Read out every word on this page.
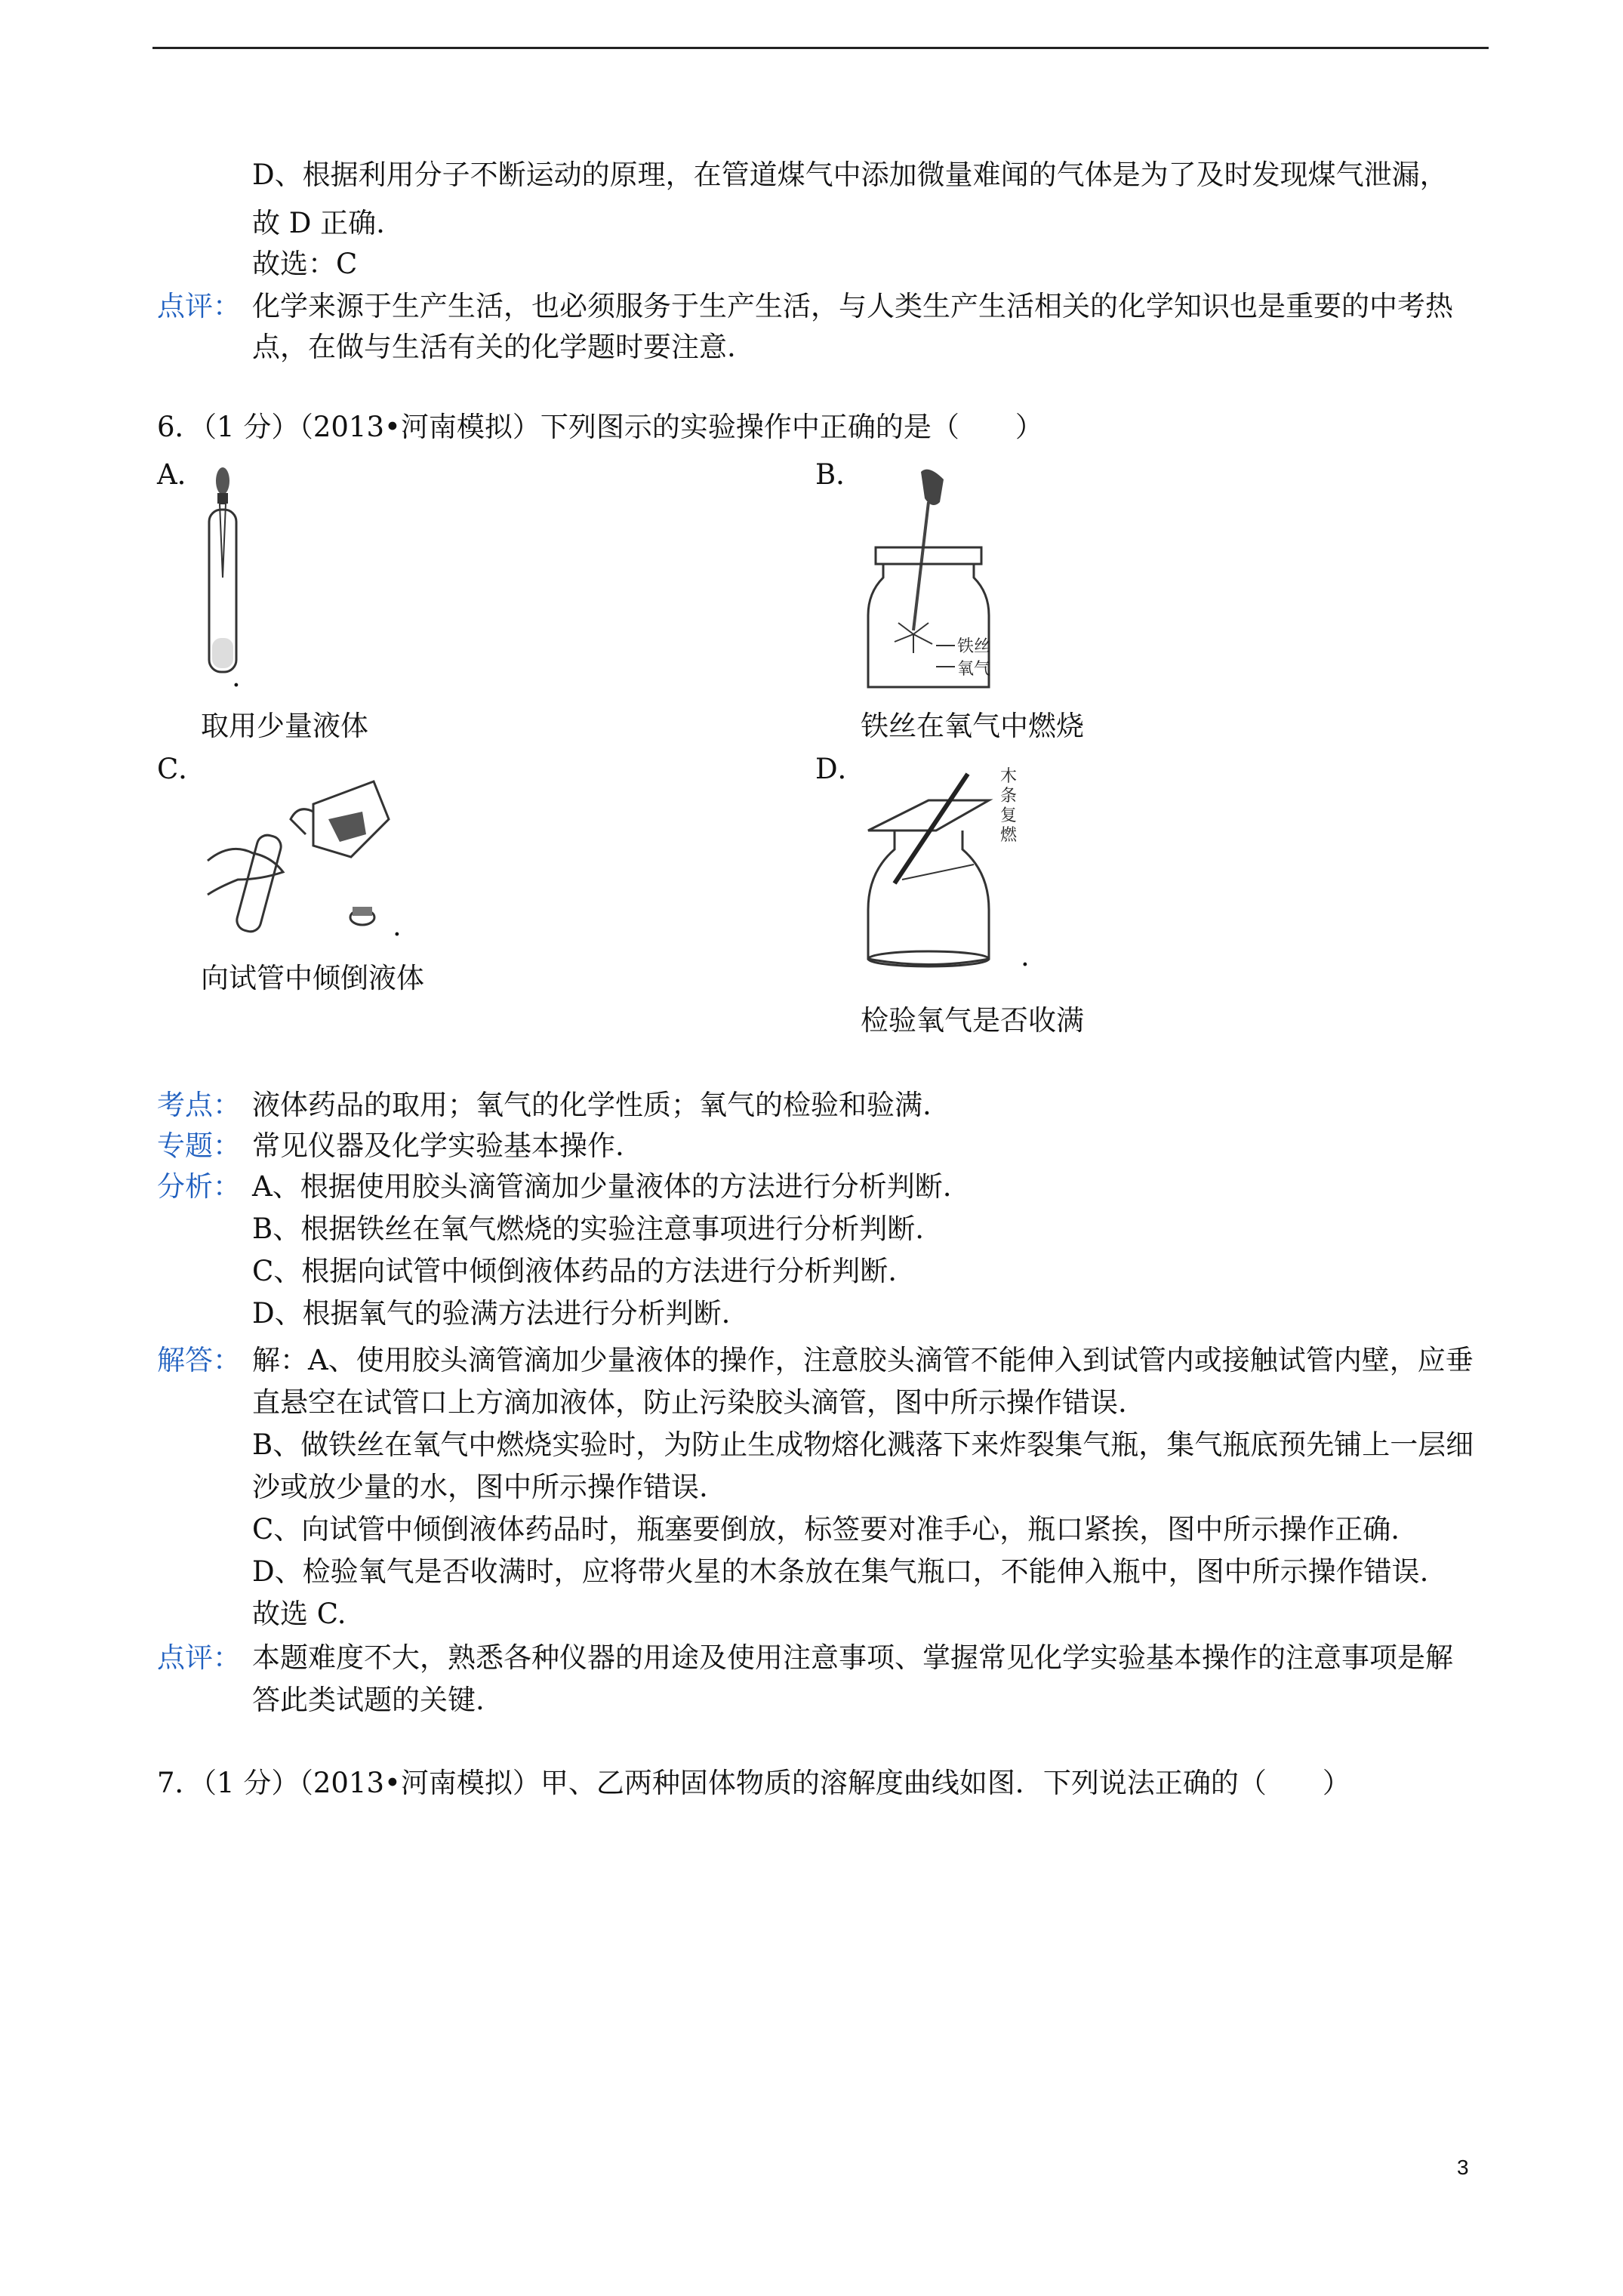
D、根据利用分子不断运动的原理，在管道煤气中添加微量难闻的气体是为了及时发现煤气泄漏，
故 D 正确.
故选：C
点评： 化学来源于生产生活，也必须服务于生产生活，与人类生产生活相关的化学知识也是重要的中考热
点，在做与生活有关的化学题时要注意.
6．（1 分）（2013•河南模拟）下列图示的实验操作中正确的是（　　）
A．
.
取用少量液体
B．
铁丝
氧气
铁丝在氧气中燃烧
C．
.
向试管中倾倒液体
D．	木条复燃
.
检验氧气是否收满
考点： 液体药品的取用；氧气的化学性质；氧气的检验和验满.
专题： 常见仪器及化学实验基本操作.
分析： A、根据使用胶头滴管滴加少量液体的方法进行分析判断.
B、根据铁丝在氧气燃烧的实验注意事项进行分析判断.
C、根据向试管中倾倒液体药品的方法进行分析判断.
D、根据氧气的验满方法进行分析判断.
解答： 解：A、使用胶头滴管滴加少量液体的操作，注意胶头滴管不能伸入到试管内或接触试管内壁，应垂
直悬空在试管口上方滴加液体，防止污染胶头滴管，图中所示操作错误.
B、做铁丝在氧气中燃烧实验时，为防止生成物熔化溅落下来炸裂集气瓶，集气瓶底预先铺上一层细
沙或放少量的水，图中所示操作错误.
C、向试管中倾倒液体药品时，瓶塞要倒放，标签要对准手心，瓶口紧挨，图中所示操作正确.
D、检验氧气是否收满时，应将带火星的木条放在集气瓶口，不能伸入瓶中，图中所示操作错误.
故选 C.
点评： 本题难度不大，熟悉各种仪器的用途及使用注意事项、掌握常见化学实验基本操作的注意事项是解
答此类试题的关键.
7．（1 分）（2013•河南模拟）甲、乙两种固体物质的溶解度曲线如图．下列说法正确的（　　）
3
